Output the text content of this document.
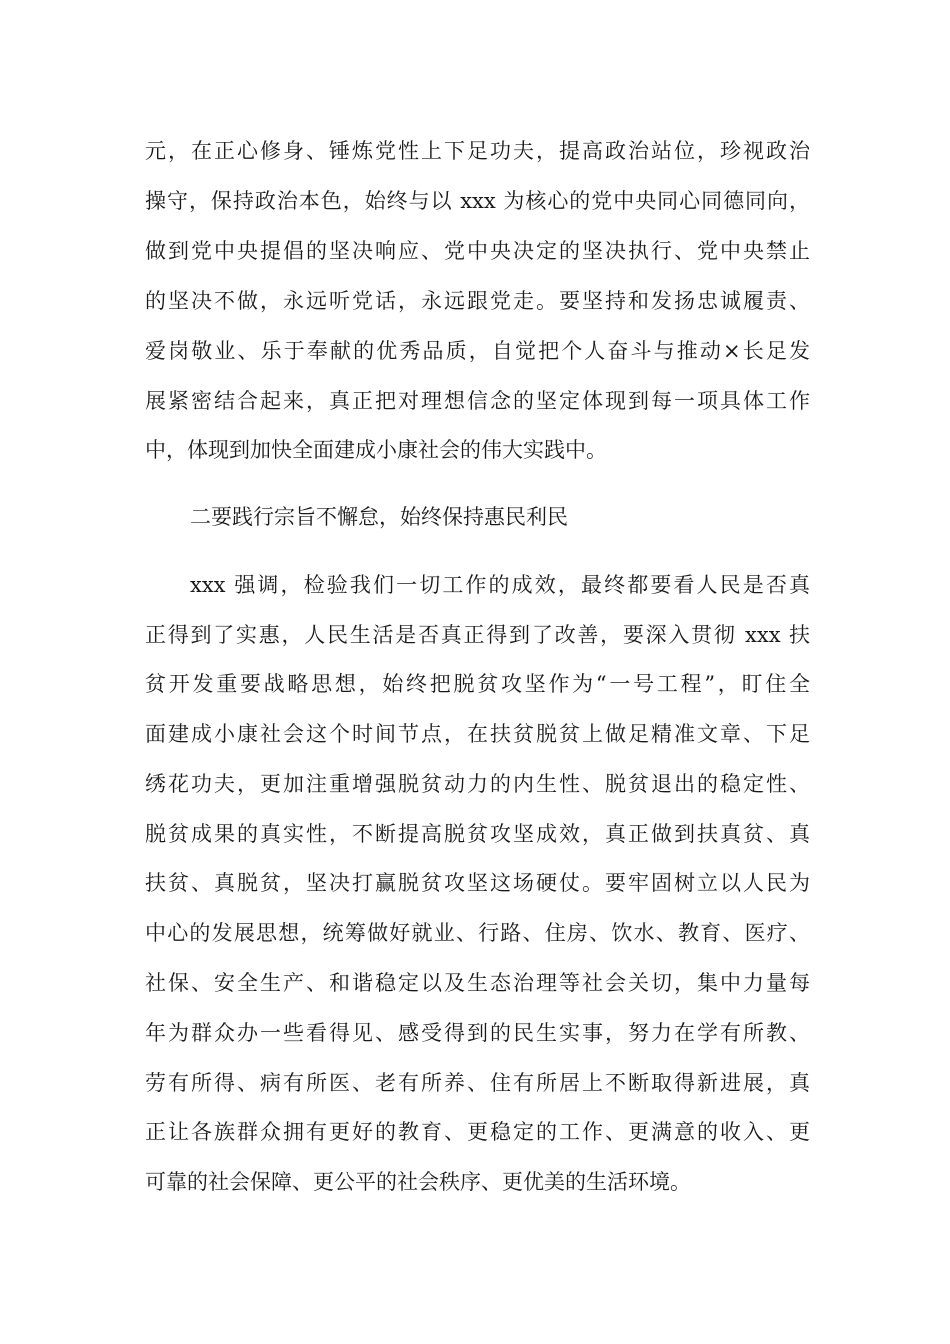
元，在正心修身、锤炼党性上下足功夫，提高政治站位，珍视政治
操守，保持政治本色，始终与以 xxx 为核心的党中央同心同德同向，
做到党中央提倡的坚决响应、党中央决定的坚决执行、党中央禁止
的坚决不做，永远听党话，永远跟党走。要坚持和发扬忠诚履责、
爱岗敬业、乐于奉献的优秀品质，自觉把个人奋斗与推动×长足发
展紧密结合起来，真正把对理想信念的坚定体现到每一项具体工作
中，体现到加快全面建成小康社会的伟大实践中。
二要践行宗旨不懈怠，始终保持惠民利民
xxx 强调，检验我们一切工作的成效，最终都要看人民是否真
正得到了实惠，人民生活是否真正得到了改善，要深入贯彻 xxx 扶
贫开发重要战略思想，始终把脱贫攻坚作为“一号工程”，盯住全
面建成小康社会这个时间节点，在扶贫脱贫上做足精准文章、下足
绣花功夫，更加注重增强脱贫动力的内生性、脱贫退出的稳定性、
脱贫成果的真实性，不断提高脱贫攻坚成效，真正做到扶真贫、真
扶贫、真脱贫，坚决打赢脱贫攻坚这场硬仗。要牢固树立以人民为
中心的发展思想，统筹做好就业、行路、住房、饮水、教育、医疗、
社保、安全生产、和谐稳定以及生态治理等社会关切，集中力量每
年为群众办一些看得见、感受得到的民生实事，努力在学有所教、
劳有所得、病有所医、老有所养、住有所居上不断取得新进展，真
正让各族群众拥有更好的教育、更稳定的工作、更满意的收入、更
可靠的社会保障、更公平的社会秩序、更优美的生活环境。
